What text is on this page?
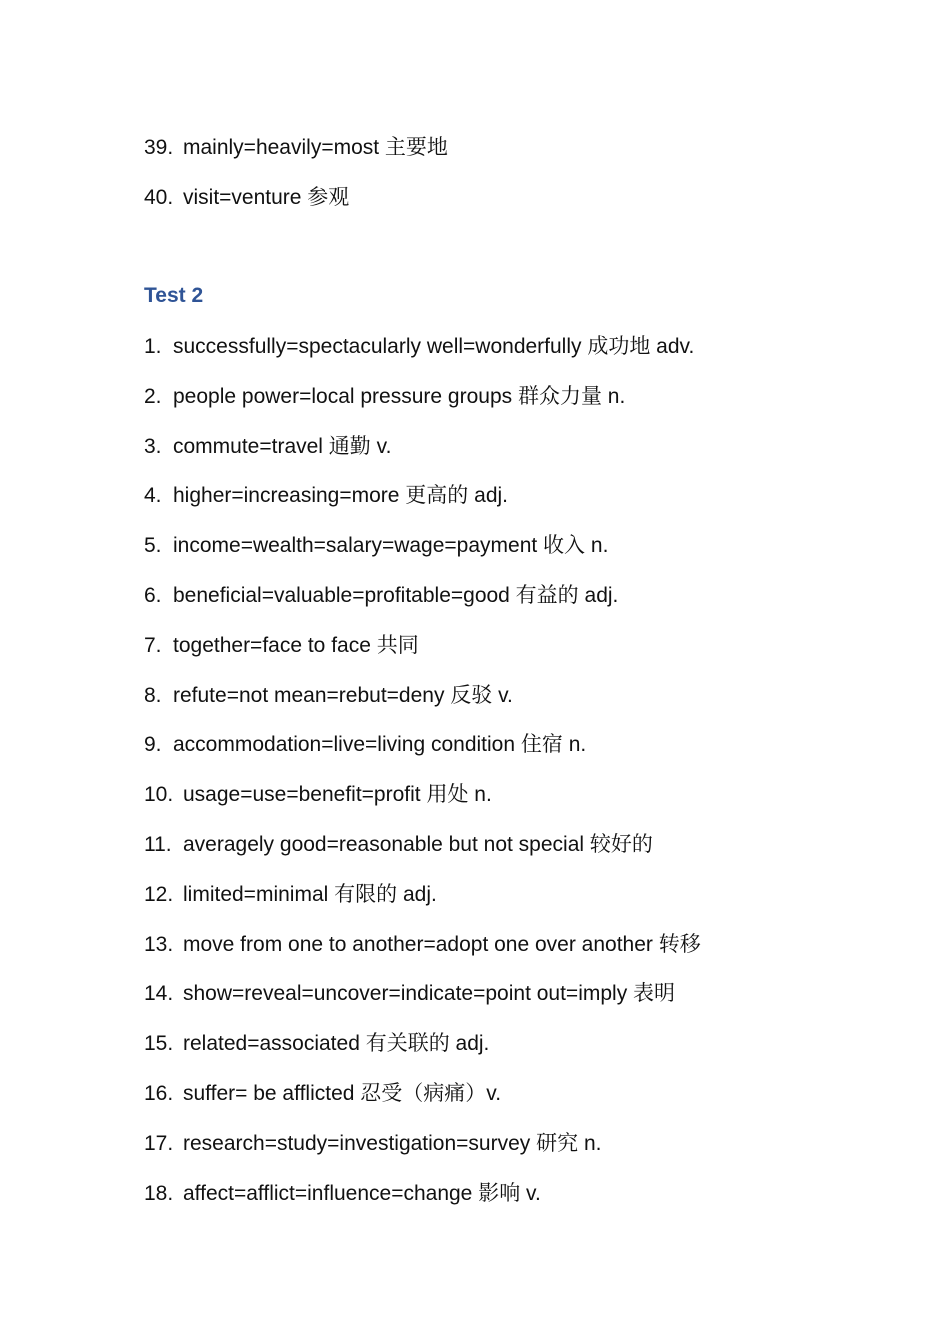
39. mainly=heavily=most 主要地
40. visit=venture 参观
Test 2
1. successfully=spectacularly well=wonderfully 成功地 adv.
2. people power=local pressure groups 群众力量 n.
3. commute=travel 通勤 v.
4. higher=increasing=more 更高的 adj.
5. income=wealth=salary=wage=payment 收入 n.
6. beneficial=valuable=profitable=good 有益的 adj.
7. together=face to face 共同
8. refute=not mean=rebut=deny 反驳 v.
9. accommodation=live=living condition 住宿 n.
10. usage=use=benefit=profit 用处 n.
11. averagely good=reasonable but not special 较好的
12. limited=minimal 有限的 adj.
13. move from one to another=adopt one over another 转移
14. show=reveal=uncover=indicate=point out=imply 表明
15. related=associated 有关联的 adj.
16. suffer= be afflicted 忍受（病痛）v.
17. research=study=investigation=survey 研究 n.
18. affect=afflict=influence=change 影响 v.
